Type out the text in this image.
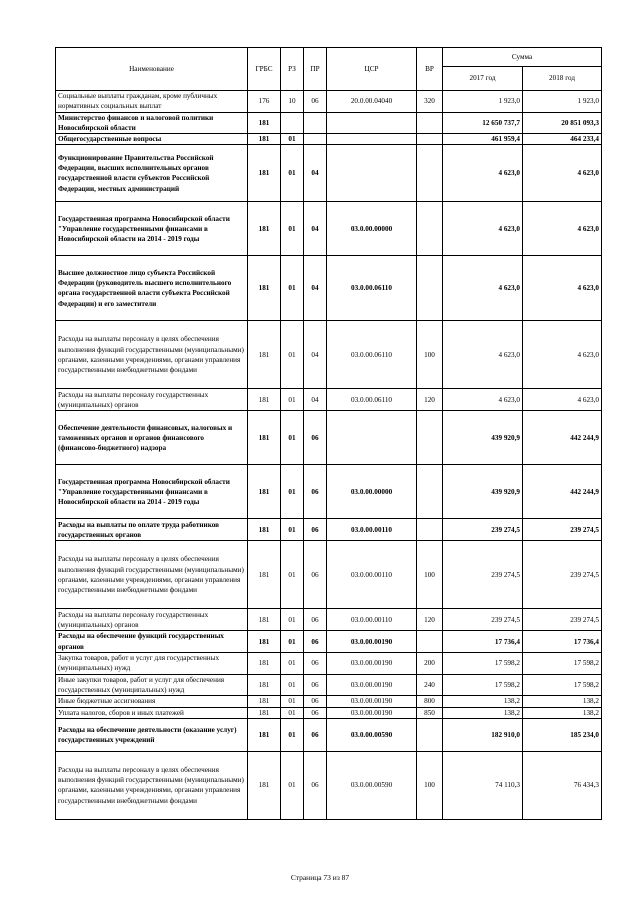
Наименование	ГРБС	РЗ	ПР	ЦСР	ВР	Сумма	
						2017 год	2018 год
Социальные выплаты гражданам, кроме публичных нормативных социальных выплат	176	10	06	20.0.00.04040	320	1 923,0	1 923,0
Министерство финансов и налоговой политики Новосибирской области	181					12 650 737,7	20 851 093,3
Общегосударственные вопросы	181	01				461 959,4	464 233,4
Функционирование Правительства Российской Федерации, высших исполнительных органов государственной власти субъектов Российской Федерации, местных администраций	181	01	04			4 623,0	4 623,0
Государственная программа Новосибирской области "Управление государственными финансами в Новосибирской области на 2014 - 2019 годы	181	01	04	03.0.00.00000		4 623,0	4 623,0
Высшее должностное лицо субъекта Российской Федерации (руководитель высшего исполнительного органа государственной власти субъекта Российской Федерации) и его заместители	181	01	04	03.0.00.06110		4 623,0	4 623,0
Расходы на выплаты персоналу в целях обеспечения выполнения функций государственными (муниципальными) органами, казенными учреждениями, органами управления государственными внебюджетными фондами	181	01	04	03.0.00.06110	100	4 623,0	4 623,0
Расходы на выплаты персоналу государственных (муниципальных) органов	181	01	04	03.0.00.06110	120	4 623,0	4 623,0
Обеспечение деятельности финансовых, налоговых и таможенных органов и органов финансового (финансово-бюджетного) надзора	181	01	06			439 920,9	442 244,9
Государственная программа Новосибирской области "Управление государственными финансами в Новосибирской области на 2014 - 2019 годы	181	01	06	03.0.00.00000		439 920,9	442 244,9
Расходы на выплаты по оплате труда работников государственных органов	181	01	06	03.0.00.00110		239 274,5	239 274,5
Расходы на выплаты персоналу в целях обеспечения выполнения функций государственными (муниципальными) органами, казенными учреждениями, органами управления государственными внебюджетными фондами	181	01	06	03.0.00.00110	100	239 274,5	239 274,5
Расходы на выплаты персоналу государственных (муниципальных) органов	181	01	06	03.0.00.00110	120	239 274,5	239 274,5
Расходы на обеспечение функций государственных органов	181	01	06	03.0.00.00190		17 736,4	17 736,4
Закупка товаров, работ и услуг для государственных (муниципальных) нужд	181	01	06	03.0.00.00190	200	17 598,2	17 598,2
Иные закупки товаров, работ и услуг для обеспечения государственных (муниципальных) нужд	181	01	06	03.0.00.00190	240	17 598,2	17 598,2
Иные бюджетные ассигнования	181	01	06	03.0.00.00190	800	138,2	138,2
Уплата налогов, сборов и иных платежей	181	01	06	03.0.00.00190	850	138,2	138,2
Расходы на обеспечение деятельности (оказание услуг) государственных учреждений	181	01	06	03.0.00.00590		182 910,0	185 234,0
Расходы на выплаты персоналу в целях обеспечения выполнения функций государственными (муниципальными) органами, казенными учреждениями, органами управления государственными внебюджетными фондами	181	01	06	03.0.00.00590	100	74 110,3	76 434,3
Страница 73 из 87
